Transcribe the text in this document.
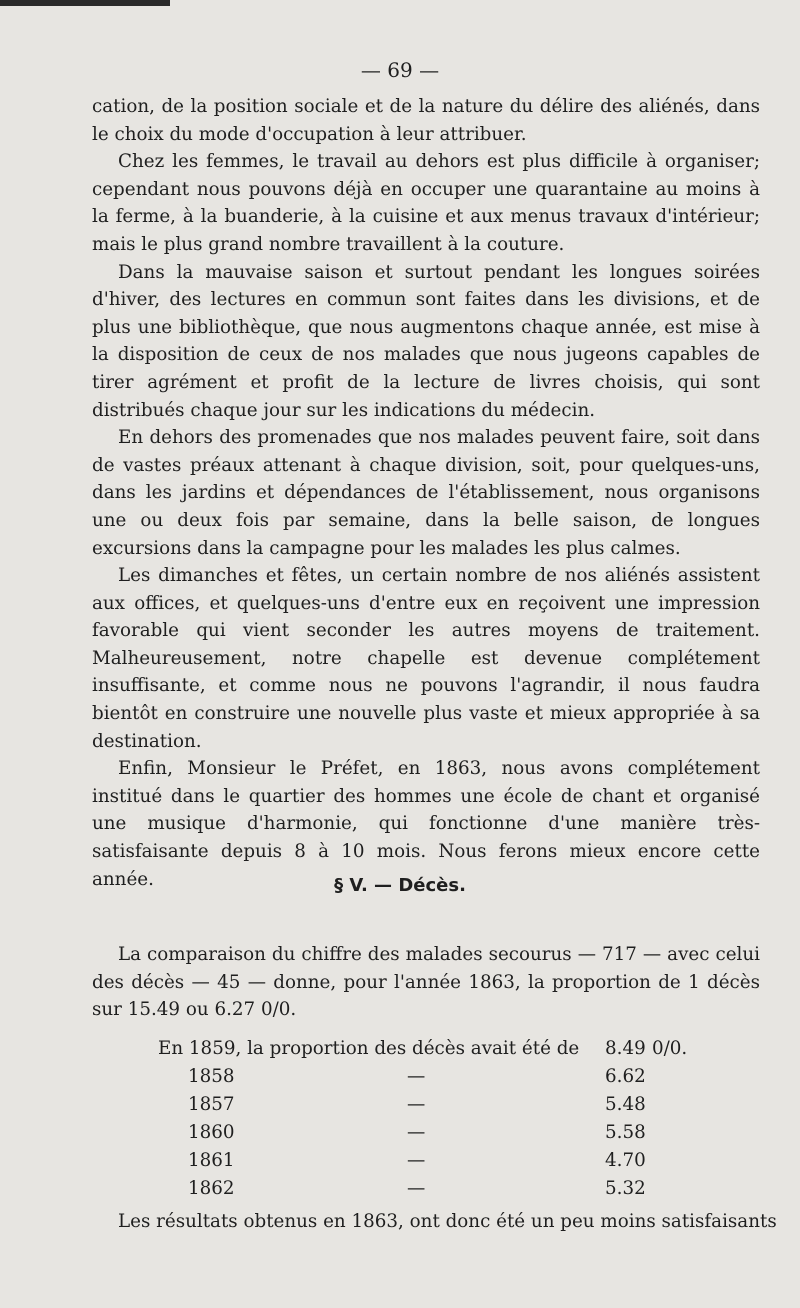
— 69 —

cation, de la position sociale et de la nature du délire des aliénés, dans le choix du mode d'occupation à leur attribuer.

Chez les femmes, le travail au dehors est plus difficile à organiser; cependant nous pouvons déjà en occuper une quarantaine au moins à la ferme, à la buanderie, à la cuisine et aux menus travaux d'intérieur; mais le plus grand nombre travaillent à la couture.

Dans la mauvaise saison et surtout pendant les longues soirées d'hiver, des lectures en commun sont faites dans les divisions, et de plus une bibliothèque, que nous augmentons chaque année, est mise à la disposition de ceux de nos malades que nous jugeons capables de tirer agrément et profit de la lecture de livres choisis, qui sont distribués chaque jour sur les indications du médecin.

En dehors des promenades que nos malades peuvent faire, soit dans de vastes préaux attenant à chaque division, soit, pour quelques-uns, dans les jardins et dépendances de l'établissement, nous organisons une ou deux fois par semaine, dans la belle saison, de longues excursions dans la campagne pour les malades les plus calmes.

Les dimanches et fêtes, un certain nombre de nos aliénés assistent aux offices, et quelques-uns d'entre eux en reçoivent une impression favorable qui vient seconder les autres moyens de traitement. Malheureusement, notre chapelle est devenue complétement insuffisante, et comme nous ne pouvons l'agrandir, il nous faudra bientôt en construire une nouvelle plus vaste et mieux appropriée à sa destination.

Enfin, Monsieur le Préfet, en 1863, nous avons complétement institué dans le quartier des hommes une école de chant et organisé une musique d'harmonie, qui fonctionne d'une manière très-satisfaisante depuis 8 à 10 mois. Nous ferons mieux encore cette année.	§ V. — Décès.

La comparaison du chiffre des malades secourus — 717 — avec celui des décès — 45 — donne, pour l'année 1863, la proportion de 1 décès sur 15.49 ou 6.27 0/0.

En 1859, la proportion des décès avait été de 8.49 0/0.
1858	—	6.62
1857	—	5.48
1860	—	5.58
1861	—	4.70
1862	—	5.32
Les résultats obtenus en 1863, ont donc été un peu moins satisfaisants
